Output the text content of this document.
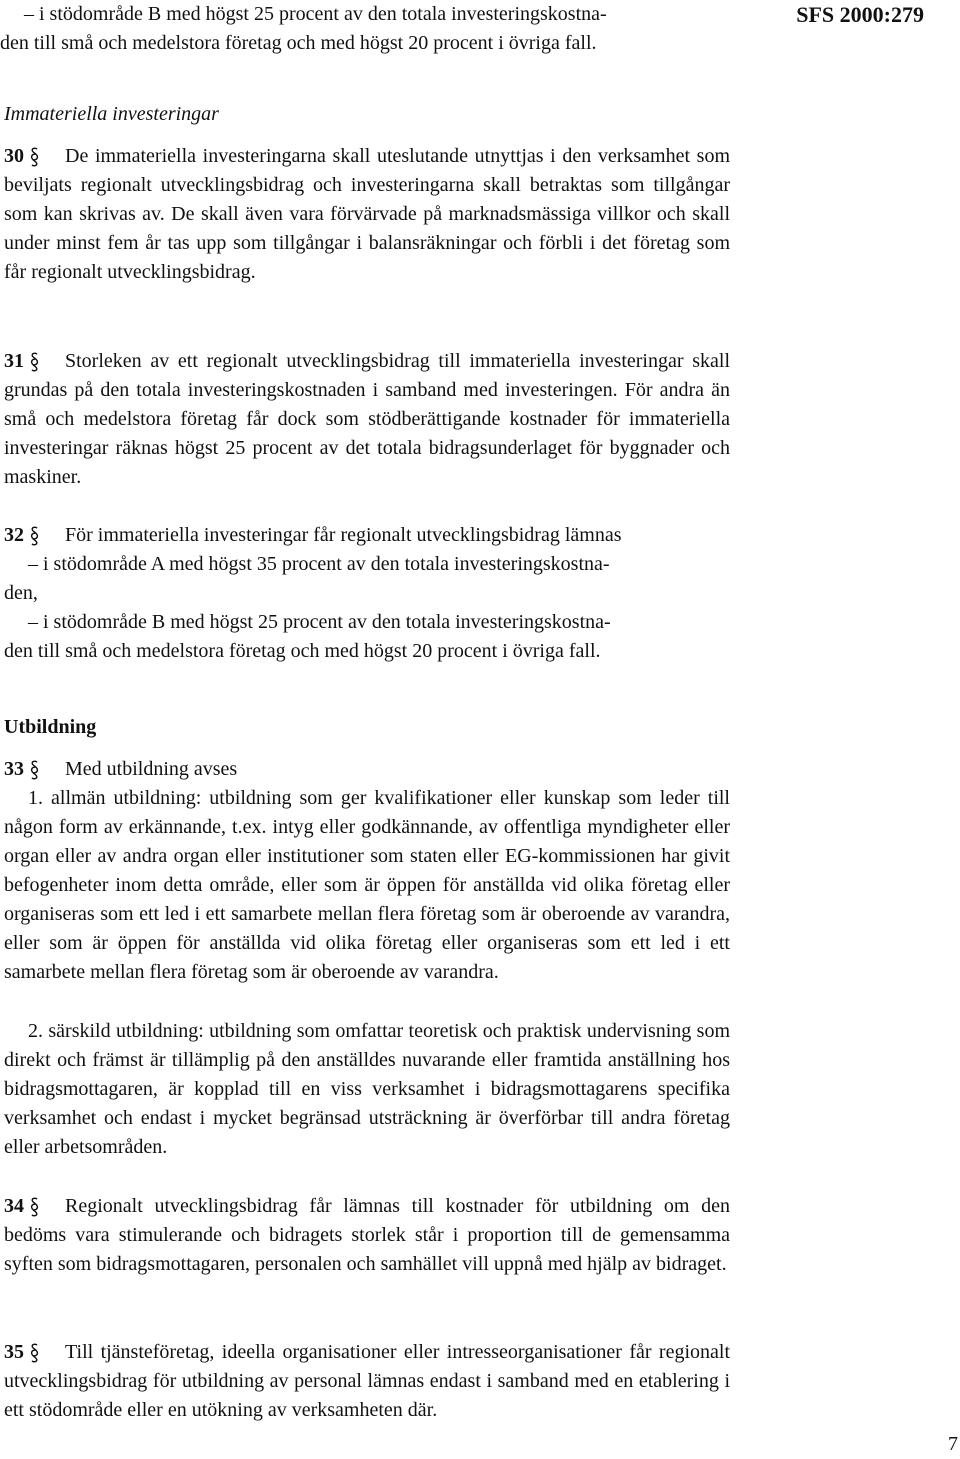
– i stödområde B med högst 25 procent av den totala investeringskostna-
den till små och medelstora företag och med högst 20 procent i övriga fall.
SFS 2000:279
Immateriella investeringar
30 De immateriella investeringarna skall uteslutande utnyttjas i den verksamhet som beviljats regionalt utvecklingsbidrag och investeringarna skall betraktas som tillgångar som kan skrivas av. De skall även vara förvärvade på marknadsmässiga villkor och skall under minst fem år tas upp som tillgångar i balansräkningar och förbli i det företag som får regionalt utvecklingsbidrag.
31 Storleken av ett regionalt utvecklingsbidrag till immateriella investeringar skall grundas på den totala investeringskostnaden i samband med investeringen. För andra än små och medelstora företag får dock som stödberättigande kostnader för immateriella investeringar räknas högst 25 procent av det totala bidragsunderlaget för byggnader och maskiner.
32 För immateriella investeringar får regionalt utvecklingsbidrag lämnas
– i stödområde A med högst 35 procent av den totala investeringskostna-
den,
– i stödområde B med högst 25 procent av den totala investeringskostna-
den till små och medelstora företag och med högst 20 procent i övriga fall.
Utbildning
33 Med utbildning avses
1. allmän utbildning: utbildning som ger kvalifikationer eller kunskap som leder till någon form av erkännande, t.ex. intyg eller godkännande, av offentliga myndigheter eller organ eller av andra organ eller institutioner som staten eller EG-kommissionen har givit befogenheter inom detta område, eller som är öppen för anställda vid olika företag eller organiseras som ett led i ett samarbete mellan flera företag som är oberoende av varandra, eller som är öppen för anställda vid olika företag eller organiseras som ett led i ett samarbete mellan flera företag som är oberoende av varandra.
2. särskild utbildning: utbildning som omfattar teoretisk och praktisk undervisning som direkt och främst är tillämplig på den anställdes nuvarande eller framtida anställning hos bidragsmottagaren, är kopplad till en viss verksamhet i bidragsmottagarens specifika verksamhet och endast i mycket begränsad utsträckning är överförbar till andra företag eller arbetsområden.
34 Regionalt utvecklingsbidrag får lämnas till kostnader för utbildning om den bedöms vara stimulerande och bidragets storlek står i proportion till de gemensamma syften som bidragsmottagaren, personalen och samhället vill uppnå med hjälp av bidraget.
35 Till tjänsteföretag, ideella organisationer eller intresseorganisationer får regionalt utvecklingsbidrag för utbildning av personal lämnas endast i samband med en etablering i ett stödområde eller en utökning av verksamheten där.
7
